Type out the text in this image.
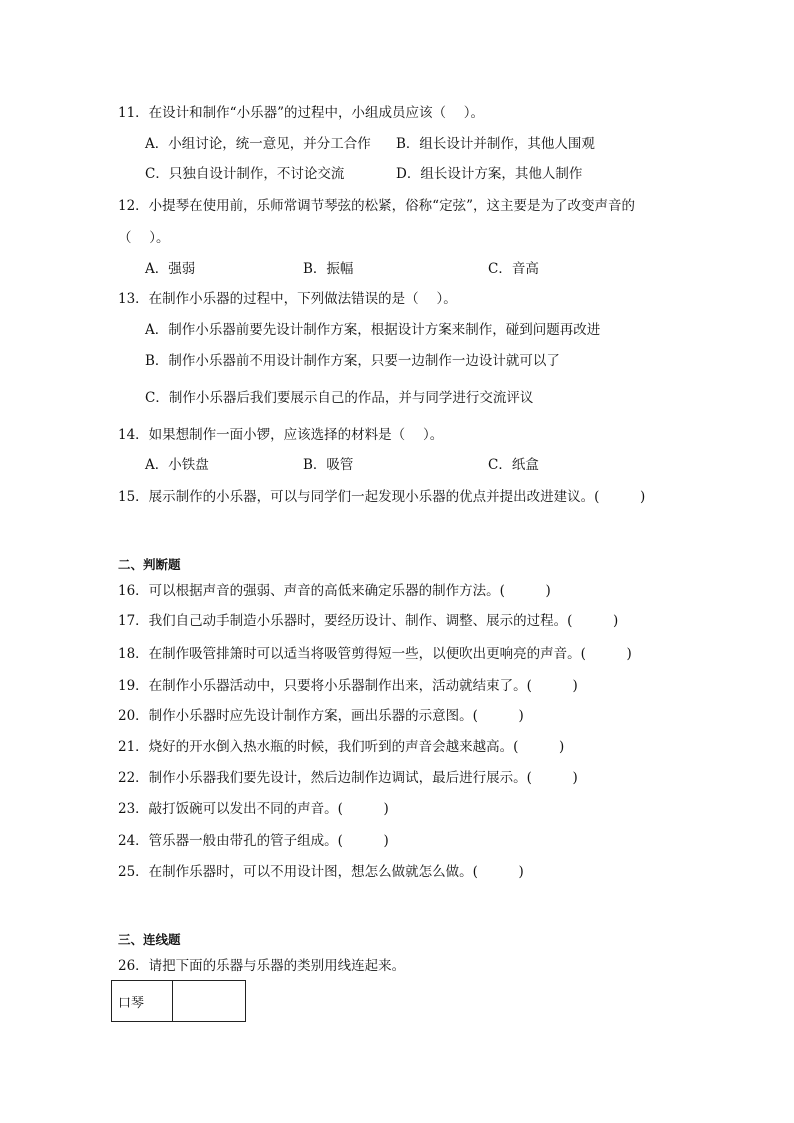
11．在设计和制作“小乐器”的过程中，小组成员应该（　 ）。
A．小组讨论，统一意见，并分工合作 B．组长设计并制作，其他人围观
C．只独自设计制作，不讨论交流	D．组长设计方案，其他人制作
12．小提琴在使用前，乐师常调节琴弦的松紧，俗称“定弦”，这主要是为了改变声音的
（　 ）。
A．强弱	B．振幅	C．音高
13．在制作小乐器的过程中，下列做法错误的是（　 ）。
A．制作小乐器前要先设计制作方案，根据设计方案来制作，碰到问题再改进
B．制作小乐器前不用设计制作方案，只要一边制作一边设计就可以了
C．制作小乐器后我们要展示自己的作品，并与同学进行交流评议
14．如果想制作一面小锣，应该选择的材料是（　 ）。
A．小铁盘	B．吸管	C．纸盒
15．展示制作的小乐器，可以与同学们一起发现小乐器的优点并提出改进建议。(　　　)
二、判断题
16．可以根据声音的强弱、声音的高低来确定乐器的制作方法。(　　　)
17．我们自己动手制造小乐器时，要经历设计、制作、调整、展示的过程。(　　　)
18．在制作吸管排箫时可以适当将吸管剪得短一些，以便吹出更响亮的声音。(　　　)
19．在制作小乐器活动中，只要将小乐器制作出来，活动就结束了。(　　　)
20．制作小乐器时应先设计制作方案，画出乐器的示意图。(　　　)
21．烧好的开水倒入热水瓶的时候，我们听到的声音会越来越高。(　　　)
22．制作小乐器我们要先设计，然后边制作边调试，最后进行展示。(　　　)
23．敲打饭碗可以发出不同的声音。(　　　)
24．管乐器一般由带孔的管子组成。(　　　)
25．在制作乐器时，可以不用设计图，想怎么做就怎么做。(　　　)
三、连线题
26．请把下面的乐器与乐器的类别用线连起来。
口琴	
